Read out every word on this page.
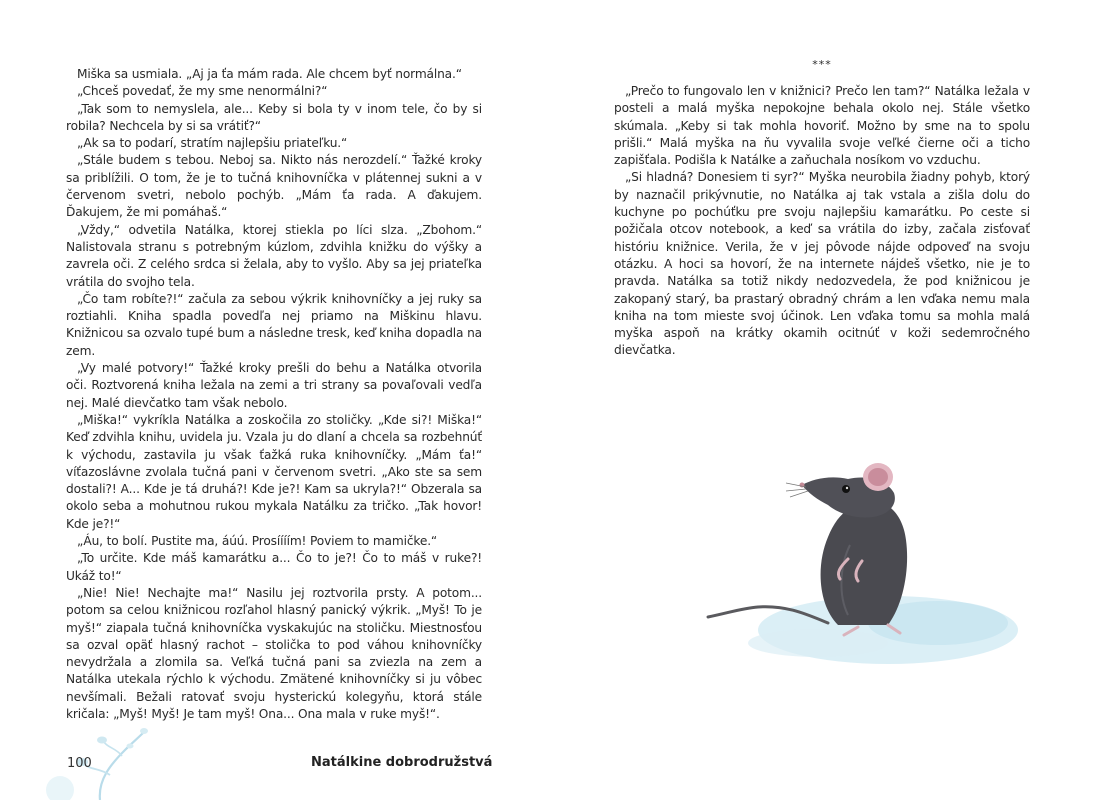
Miška sa usmiala. „Aj ja ťa mám rada. Ale chcem byť normálna.“

„Chceš povedať, že my sme nenormálni?“

„Tak som to nemyslela, ale... Keby si bola ty v inom tele, čo by si robila? Nechcela by si sa vrátiť?“

„Ak sa to podarí, stratím najlepšiu priateľku.“

„Stále budem s tebou. Neboj sa. Nikto nás nerozdelí.“ Ťažké kroky sa priblížili. O tom, že je to tučná knihovníčka v plátennej sukni a v červenom svetri, nebolo pochýb. „Mám ťa rada. A ďakujem. Ďakujem, že mi pomáhaš.“

„Vždy,“ odvetila Natálka, ktorej stiekla po líci slza. „Zbohom.“ Nalistovala stranu s potrebným kúzlom, zdvihla knižku do výšky a zavrela oči. Z celého srdca si želala, aby to vyšlo. Aby sa jej priateľka vrátila do svojho tela.

„Čo tam robíte?!“ začula za sebou výkrik knihovníčky a jej ruky sa roztiahli. Kniha spadla povedľa nej priamo na Miškinu hlavu. Knižnicou sa ozvalo tupé bum a následne tresk, keď kniha dopadla na zem.

„Vy malé potvory!“ Ťažké kroky prešli do behu a Natálka otvorila oči. Roztvorená kniha ležala na zemi a tri strany sa povaľovali vedľa nej. Malé dievčatko tam však nebolo.

„Miška!“ vykríkla Natálka a zoskočila zo stoličky. „Kde si?! Miška!“ Keď zdvihla knihu, uvidela ju. Vzala ju do dlaní a chcela sa rozbehnúť k východu, zastavila ju však ťažká ruka knihovníčky. „Mám ťa!“ víťazoslávne zvolala tučná pani v červenom svetri. „Ako ste sa sem dostali?! A... Kde je tá druhá?! Kde je?! Kam sa ukryla?!“ Obzerala sa okolo seba a mohutnou rukou mykala Natálku za tričko. „Tak hovor! Kde je?!“

„Áu, to bolí. Pustite ma, áúú. Prosíííím! Poviem to mamičke.“

„To určite. Kde máš kamarátku a... Čo to je?! Čo to máš v ruke?! Ukáž to!“

„Nie! Nie! Nechajte ma!“ Nasilu jej roztvorila prsty. A potom... potom sa celou knižnicou rozľahol hlasný panický výkrik. „Myš! To je myš!“ ziapala tučná knihovníčka vyskakujúc na stoličku. Miestnosťou sa ozval opäť hlasný rachot – stolička to pod váhou knihovníčky nevydržala a zlomila sa. Veľká tučná pani sa zviezla na zem a Natálka utekala rýchlo k východu. Zmätené knihovníčky si ju vôbec nevšímali. Bežali ratovať svoju hysterickú kolegyňu, ktorá stále kričala: „Myš! Myš! Je tam myš! Ona... Ona mala v ruke myš!“.

100	Natálkine dobrodružstvá
***

„Prečo to fungovalo len v knižnici? Prečo len tam?“ Natálka ležala v posteli a malá myška nepokojne behala okolo nej. Stále všetko skúmala. „Keby si tak mohla hovoriť. Možno by sme na to spolu prišli.“ Malá myška na ňu vyvalila svoje veľké čierne oči a ticho zapišťala. Podišla k Natálke a zaňuchala nosíkom vo vzduchu.

„Si hladná? Donesiem ti syr?“ Myška neurobila žiadny pohyb, ktorý by naznačil prikývnutie, no Natálka aj tak vstala a zišla dolu do kuchyne po pochúťku pre svoju najlepšiu kamarátku. Po ceste si požičala otcov notebook, a keď sa vrátila do izby, začala zisťovať históriu knižnice. Verila, že v jej pôvode nájde odpoveď na svoju otázku. A hoci sa hovorí, že na internete nájdeš všetko, nie je to pravda. Natálka sa totiž nikdy nedozvedela, že pod knižnicou je zakopaný starý, ba prastarý obradný chrám a len vďaka nemu mala kniha na tom mieste svoj účinok. Len vďaka tomu sa mohla malá myška aspoň na krátky okamih ocitnúť v koži sedemročného dievčatka.
